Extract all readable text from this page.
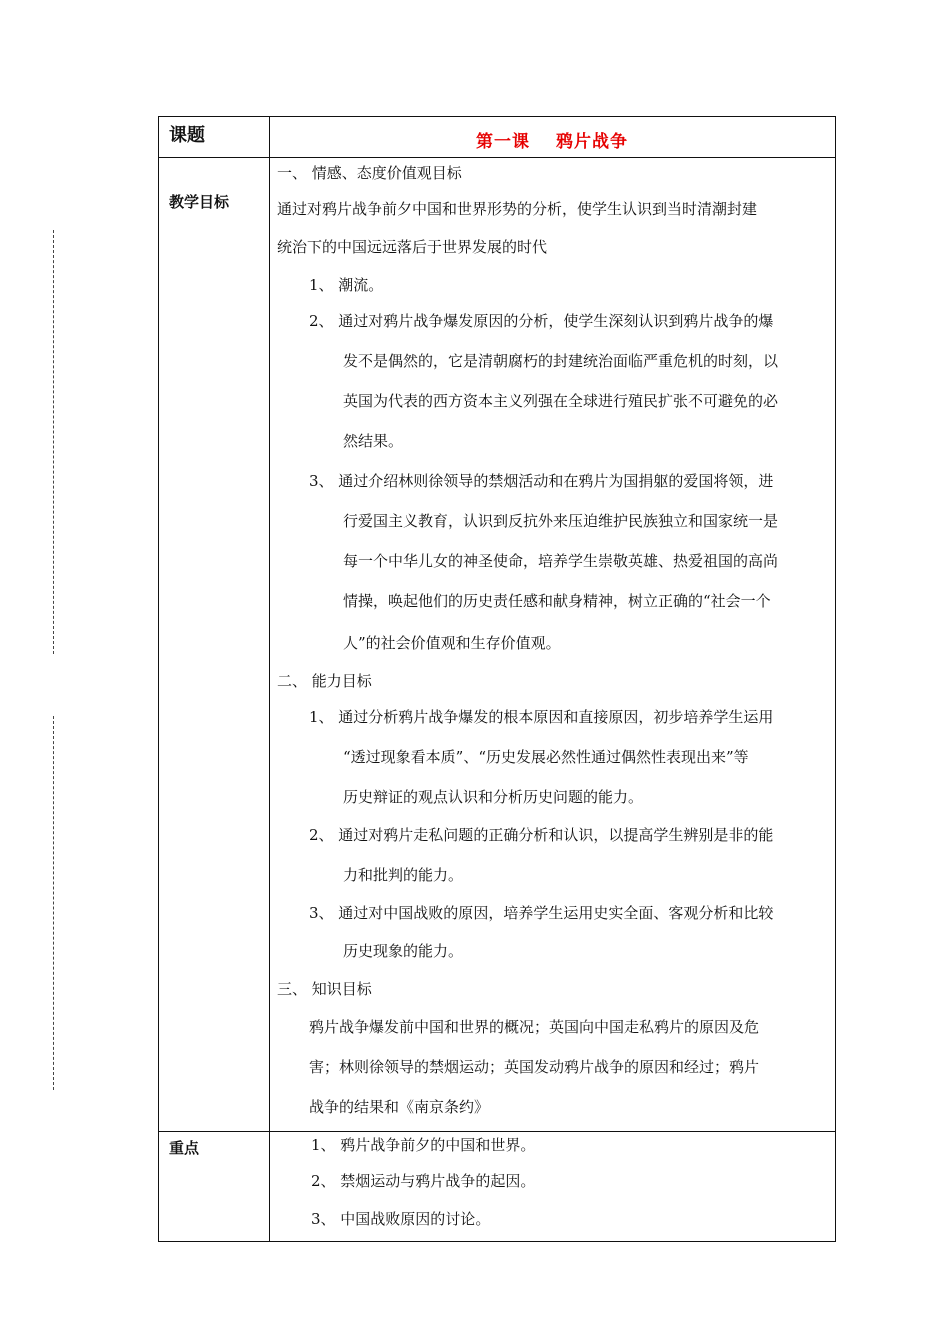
课题	第一课 鸦片战争
教学目标
一、 情感、态度价值观目标
通过对鸦片战争前夕中国和世界形势的分析，使学生认识到当时清潮封建
统治下的中国远远落后于世界发展的时代
1、 潮流。
2、 通过对鸦片战争爆发原因的分析，使学生深刻认识到鸦片战争的爆
发不是偶然的，它是清朝腐朽的封建统治面临严重危机的时刻，以
英国为代表的西方资本主义列强在全球进行殖民扩张不可避免的必
然结果。
3、 通过介绍林则徐领导的禁烟活动和在鸦片为国捐躯的爱国将领，进
行爱国主义教育，认识到反抗外来压迫维护民族独立和国家统一是
每一个中华儿女的神圣使命，培养学生崇敬英雄、热爱祖国的高尚
情操，唤起他们的历史责任感和献身精神，树立正确的“社会一个
人”的社会价值观和生存价值观。
二、 能力目标
1、 通过分析鸦片战争爆发的根本原因和直接原因，初步培养学生运用
“透过现象看本质”、“历史发展必然性通过偶然性表现出来”等
历史辩证的观点认识和分析历史问题的能力。
2、 通过对鸦片走私问题的正确分析和认识，以提高学生辨别是非的能
力和批判的能力。
3、 通过对中国战败的原因，培养学生运用史实全面、客观分析和比较
历史现象的能力。
三、 知识目标
鸦片战争爆发前中国和世界的概况；英国向中国走私鸦片的原因及危
害；林则徐领导的禁烟运动；英国发动鸦片战争的原因和经过；鸦片
战争的结果和《南京条约》
重点	1、 鸦片战争前夕的中国和世界。
2、 禁烟运动与鸦片战争的起因。
3、 中国战败原因的讨论。
